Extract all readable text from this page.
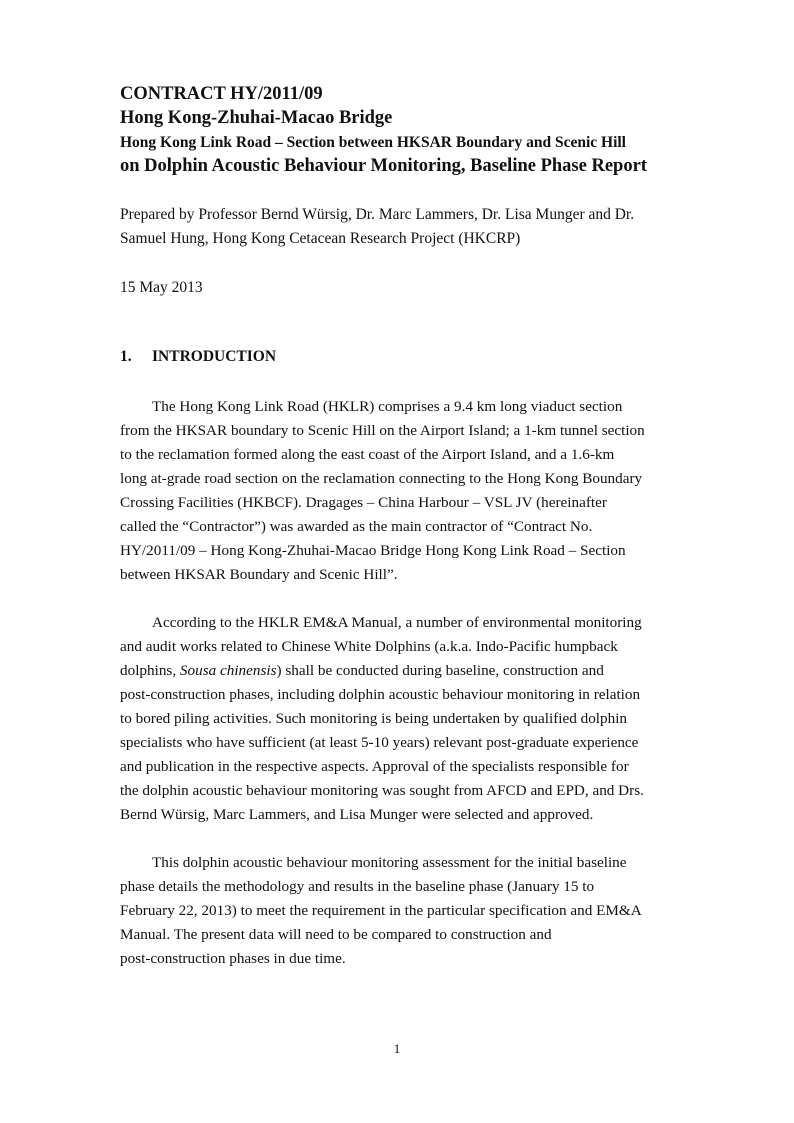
CONTRACT HY/2011/09
Hong Kong-Zhuhai-Macao Bridge
Hong Kong Link Road – Section between HKSAR Boundary and Scenic Hill
on Dolphin Acoustic Behaviour Monitoring, Baseline Phase Report
Prepared by Professor Bernd Würsig, Dr. Marc Lammers, Dr. Lisa Munger and Dr.
Samuel Hung, Hong Kong Cetacean Research Project (HKCRP)
15 May 2013
1. INTRODUCTION
The Hong Kong Link Road (HKLR) comprises a 9.4 km long viaduct section
from the HKSAR boundary to Scenic Hill on the Airport Island; a 1-km tunnel section
to the reclamation formed along the east coast of the Airport Island, and a 1.6-km
long at-grade road section on the reclamation connecting to the Hong Kong Boundary
Crossing Facilities (HKBCF). Dragages – China Harbour – VSL JV (hereinafter
called the “Contractor”) was awarded as the main contractor of “Contract No.
HY/2011/09 – Hong Kong-Zhuhai-Macao Bridge Hong Kong Link Road – Section
between HKSAR Boundary and Scenic Hill”.
According to the HKLR EM&A Manual, a number of environmental monitoring
and audit works related to Chinese White Dolphins (a.k.a. Indo-Pacific humpback
dolphins, Sousa chinensis) shall be conducted during baseline, construction and
post-construction phases, including dolphin acoustic behaviour monitoring in relation
to bored piling activities. Such monitoring is being undertaken by qualified dolphin
specialists who have sufficient (at least 5-10 years) relevant post-graduate experience
and publication in the respective aspects. Approval of the specialists responsible for
the dolphin acoustic behaviour monitoring was sought from AFCD and EPD, and Drs.
Bernd Würsig, Marc Lammers, and Lisa Munger were selected and approved.
This dolphin acoustic behaviour monitoring assessment for the initial baseline
phase details the methodology and results in the baseline phase (January 15 to
February 22, 2013) to meet the requirement in the particular specification and EM&A
Manual. The present data will need to be compared to construction and
post-construction phases in due time.
1
